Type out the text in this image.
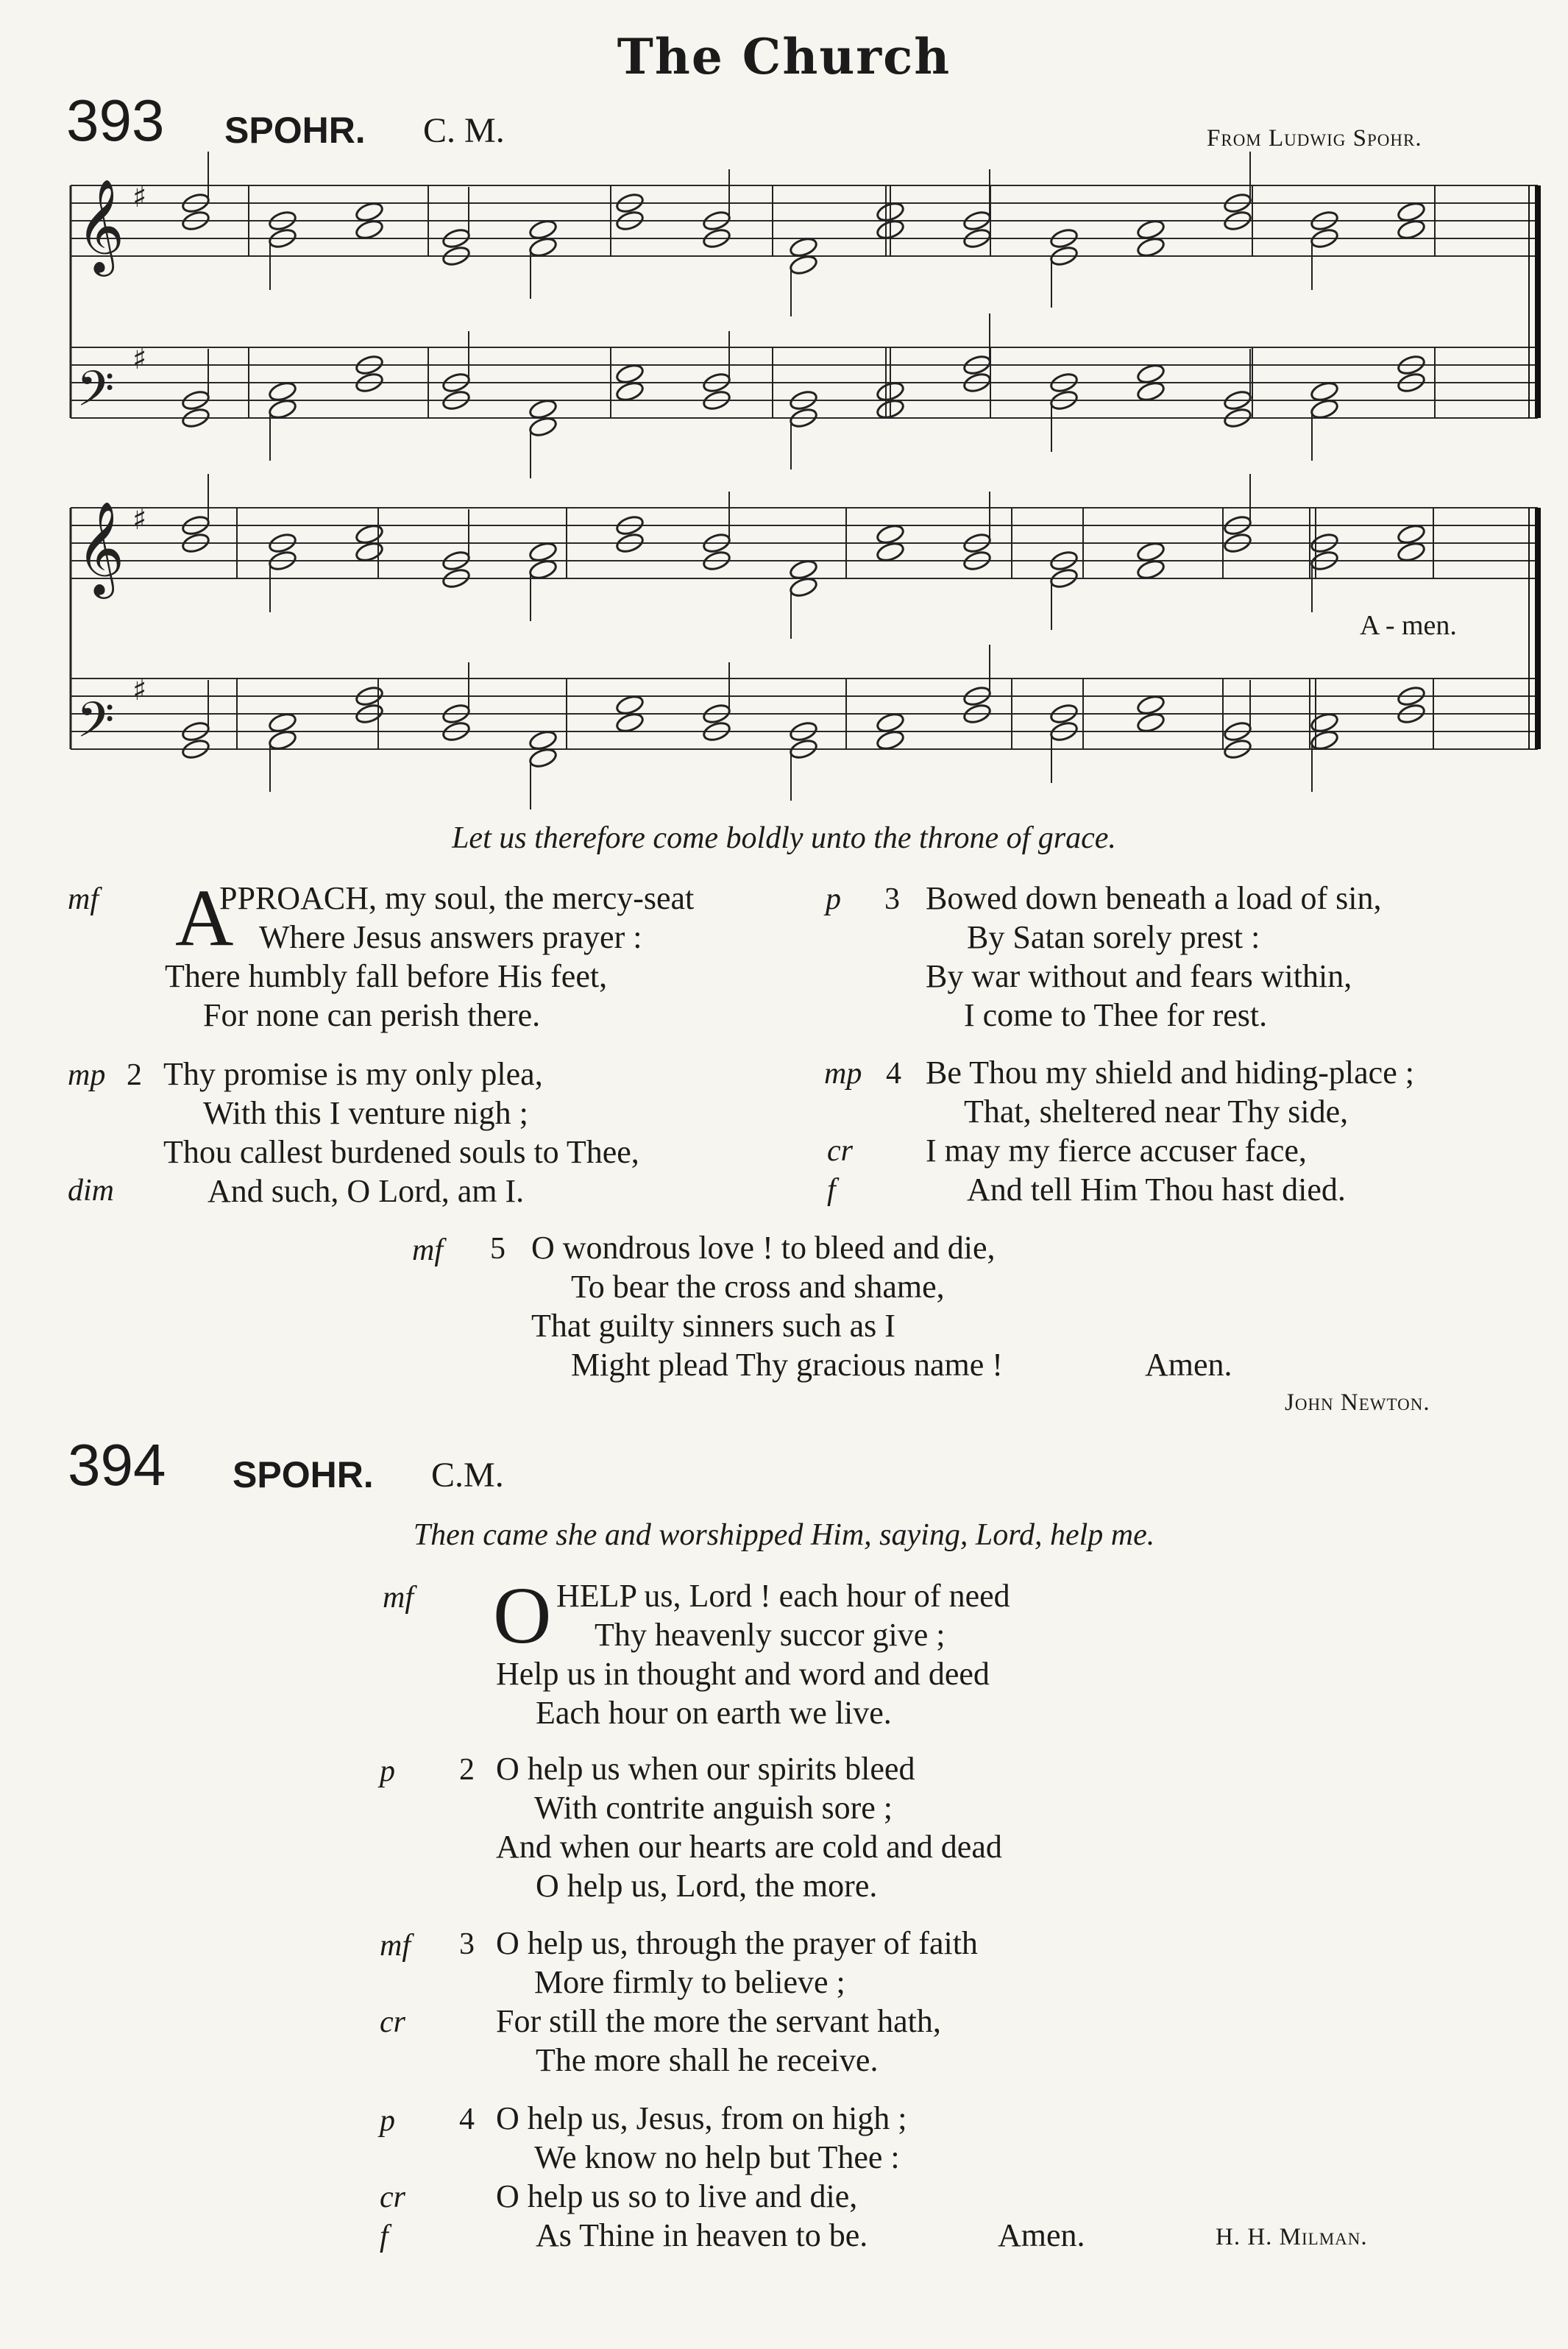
The Church
393 SPOHR. C. M.	From Ludwig Spohr.
𝄞 ♯
𝄢
♯
𝄞 ♯
𝄢
♯
A - men.
Let us therefore come boldly unto the throne of grace.
mf A
PPROACH, my soul, the mercy-seat
Where Jesus answers prayer :
There humbly fall before His feet,
For none can perish there.
mp 2 Thy promise is my only plea,
With this I venture nigh ;
Thou callest burdened souls to Thee,
dim	And such, O Lord, am I.
p 3 Bowed down beneath a load of sin,
By Satan sorely prest :
By war without and fears within,
I come to Thee for rest.
mp 4 Be Thou my shield and hiding-place ;
That, sheltered near Thy side,
cr I may my fierce accuser face,
f	And tell Him Thou hast died.
mf 5 O wondrous love ! to bleed and die,
To bear the cross and shame,
That guilty sinners such as I
Might plead Thy gracious name !	Amen.
John Newton.
394 SPOHR. C.M.
Then came she and worshipped Him, saying, Lord, help me.
mf O HELP us, Lord ! each hour of need
Thy heavenly succor give ;
Help us in thought and word and deed
Each hour on earth we live.
p 2 O help us when our spirits bleed
With contrite anguish sore ;
And when our hearts are cold and dead
O help us, Lord, the more.
mf 3 O help us, through the prayer of faith
More firmly to believe ;
cr	For still the more the servant hath,
The more shall he receive.
p 4 O help us, Jesus, from on high ;
We know no help but Thee :
cr	O help us so to live and die,
f	As Thine in heaven to be.	Amen.	H. H. Milman.
